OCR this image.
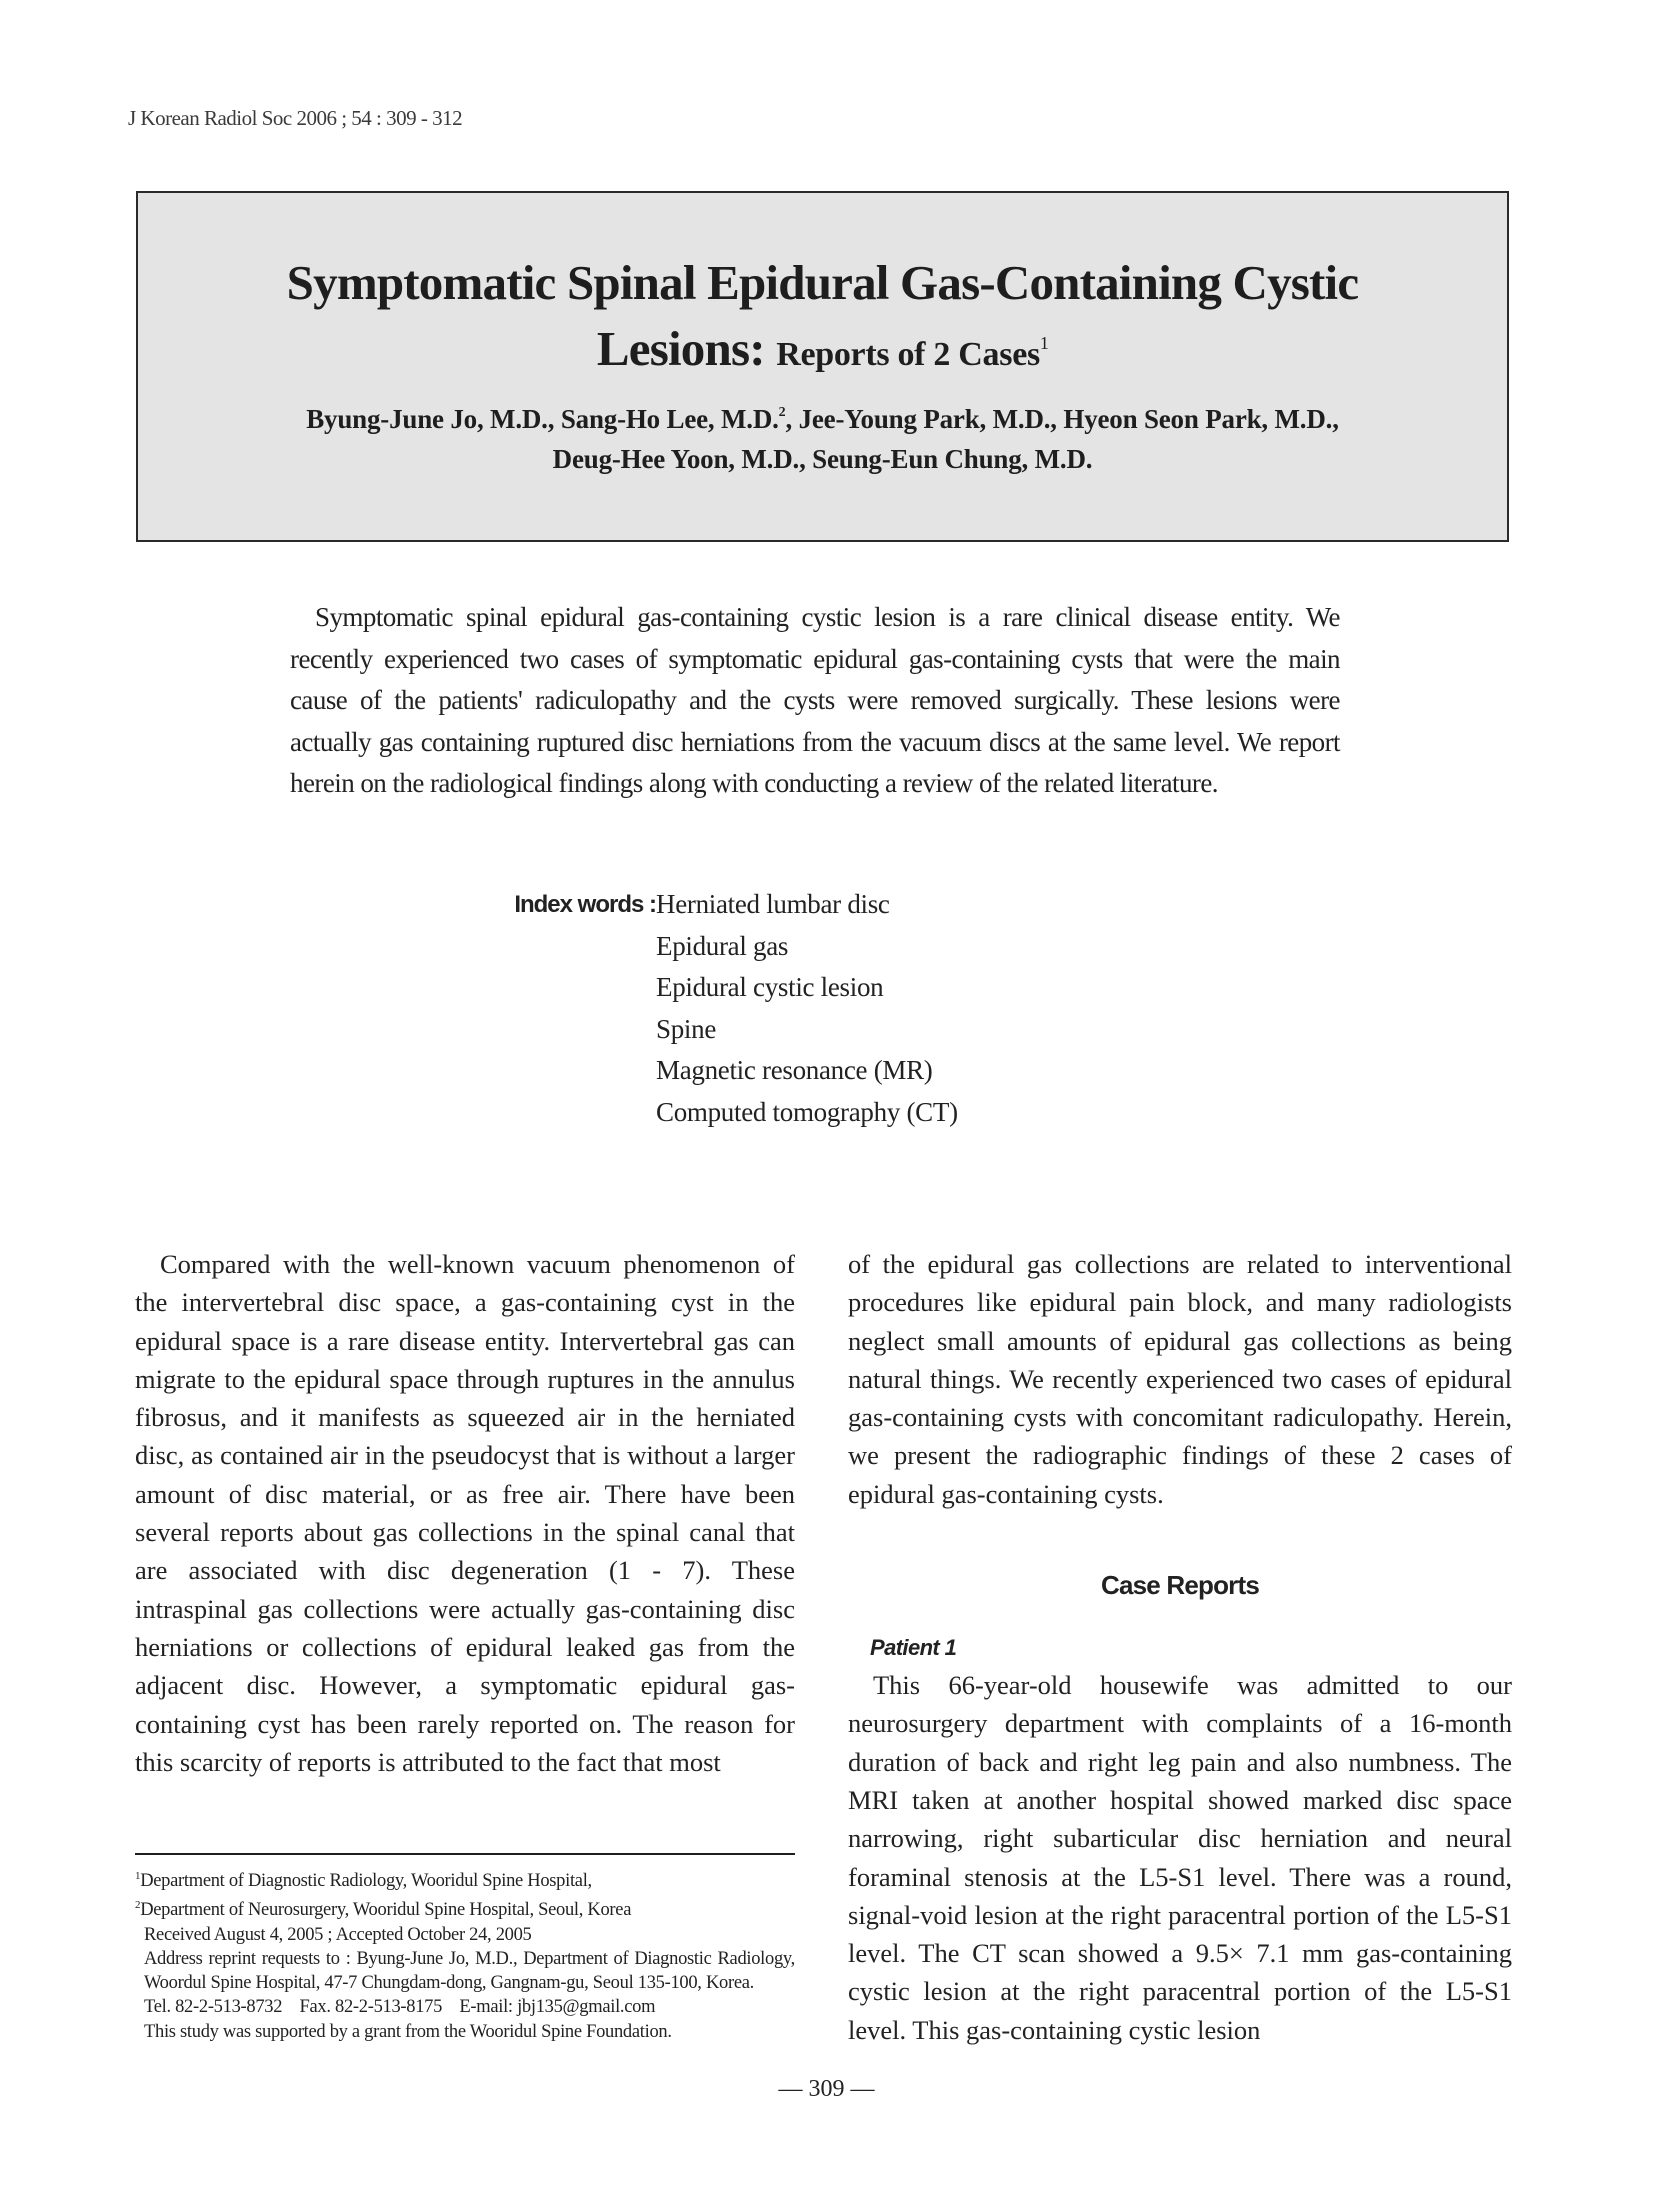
J Korean Radiol Soc 2006 ; 54 : 309 - 312
Symptomatic Spinal Epidural Gas-Containing Cystic
Lesions: Reports of 2 Cases$^1$
Byung-June Jo, M.D., Sang-Ho Lee, M.D.$^2$, Jee-Young Park, M.D., Hyeon Seon Park, M.D.,
Deug-Hee Yoon, M.D., Seung-Eun Chung, M.D.
Symptomatic spinal epidural gas-containing cystic lesion is a rare clinical disease entity. We recently experienced two cases of symptomatic epidural gas-containing cysts that were the main cause of the patients' radiculopathy and the cysts were removed surgically. These lesions were actually gas containing ruptured disc herniations from the vacuum discs at the same level. We report herein on the radiological findings along with conducting a review of the related literature.
Index words : Herniated lumbar disc
Epidural gas
Epidural cystic lesion
Spine
Magnetic resonance (MR)
Computed tomography (CT)

Compared with the well-known vacuum phenomenon of the intervertebral disc space, a gas-containing cyst in the epidural space is a rare disease entity. Intervertebral gas can migrate to the epidural space through ruptures in the annulus fibrosus, and it manifests as squeezed air in the herniated disc, as contained air in the pseudocyst that is without a larger amount of disc material, or as free air. There have been several reports about gas collections in the spinal canal that are associated with disc degeneration (1 - 7). These intraspinal gas collections were actually gas-containing disc herniations or collections of epidural leaked gas from the adjacent disc. However, a symptomatic epidural gas-containing cyst has been rarely reported on. The reason for this scarcity of reports is attributed to the fact that most

of the epidural gas collections are related to interventional procedures like epidural pain block, and many radiologists neglect small amounts of epidural gas collections as being natural things. We recently experienced two cases of epidural gas-containing cysts with concomitant radiculopathy. Herein, we present the radiographic findings of these 2 cases of epidural gas-containing cysts.

Case Reports

Patient 1

This 66-year-old housewife was admitted to our neurosurgery department with complaints of a 16-month duration of back and right leg pain and also numbness. The MRI taken at another hospital showed marked disc space narrowing, right subarticular disc herniation and neural foraminal stenosis at the L5-S1 level. There was a round, signal-void lesion at the right paracentral portion of the L5-S1 level. The CT scan showed a 9.5× 7.1 mm gas-containing cystic lesion at the right paracentral portion of the L5-S1 level. This gas-containing cystic lesion

$^1$Department of Diagnostic Radiology, Wooridul Spine Hospital,

$^2$Department of Neurosurgery, Wooridul Spine Hospital, Seoul, Korea

Received August 4, 2005 ; Accepted October 24, 2005

Address reprint requests to : Byung-June Jo, M.D., Department of Diagnostic Radiology, Woordul Spine Hospital, 47-7 Chungdam-dong, Gangnam-gu, Seoul 135-100, Korea.

Tel. 82-2-513-8732    Fax. 82-2-513-8175    E-mail: jbj135@gmail.com

This study was supported by a grant from the Wooridul Spine Foundation.

— 309 —
